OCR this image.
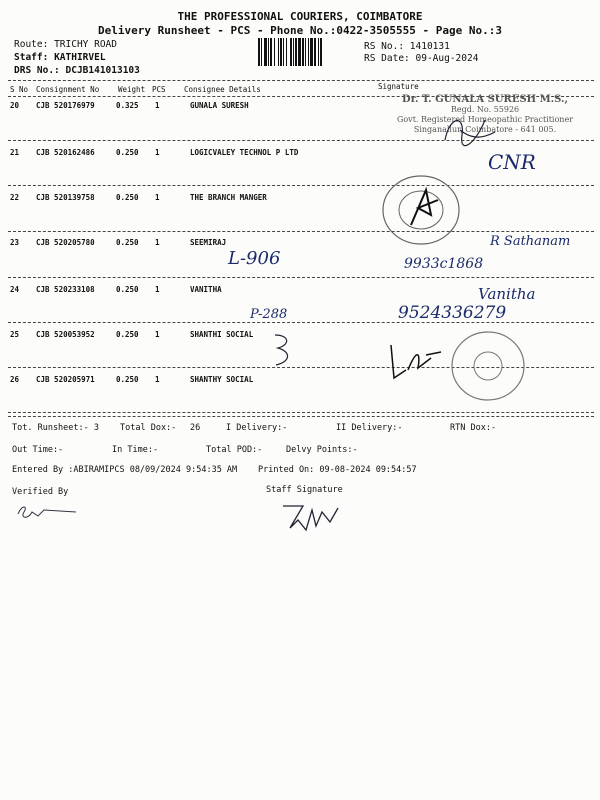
THE PROFESSIONAL COURIERS, COIMBATORE
Delivery Runsheet - PCS - Phone No.:0422-3505555 - Page No.:3
Route: TRICHY ROAD
Staff: KATHIRVEL
DRS No.: DCJB141013103
RS No.: 1410131
RS Date: 09-Aug-2024
S No Consignment No	Weight PCS Consignee Details	Signature
20 CJB 520176979	0.325 1	GUNALA SURESH
21 CJB 520162486	0.250 1	LOGICVALEY TECHNOL P LTD
22 CJB 520139758	0.250 1	THE BRANCH MANGER
23 CJB 520205780	0.250 1	SEEMIRAJ
24 CJB 520233108	0.250 1	VANITHA
25 CJB 520053952	0.250 1	SHANTHI SOCIAL
26 CJB 520205971	0.250 1	SHANTHY SOCIAL
Dr. T. GUNALA SURESH M.S.,
Regd. No. 55926
Govt. Registered Homeopathic Practitioner
Singanallur, Coimbatore - 641 005.
CNR
L-906
R Sathanam
9933c1868
Vanitha
9524336279
P-288
Tot. Runsheet:- 3 Total Dox:- 26	I Delivery:-	II Delivery:-	RTN Dox:-
Out Time:-	In Time:-	Total POD:-	Delvy Points:-
Entered By :ABIRAMIPCS 08/09/2024 9:54:35 AM Printed On: 09-08-2024 09:54:57
Verified By	Staff Signature
